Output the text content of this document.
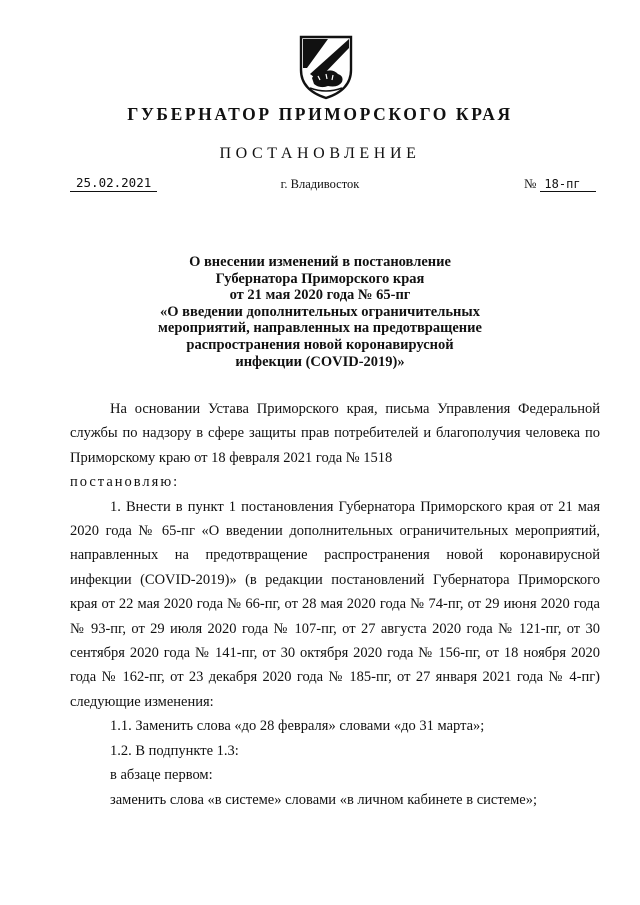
ГУБЕРНАТОР ПРИМОРСКОГО КРАЯ
ПОСТАНОВЛЕНИЕ
25.02.2021	г. Владивосток	№ 18-пг
О внесении изменений в постановление
Губернатора Приморского края
от 21 мая 2020 года № 65-пг
«О введении дополнительных ограничительных
мероприятий, направленных на предотвращение
распространения новой коронавирусной
инфекции (COVID-2019)»

На основании Устава Приморского края, письма Управления Федеральной службы по надзору в сфере защиты прав потребителей и благополучия человека по Приморскому краю от 18 февраля 2021 года № 1518

постановляю:

1. Внести в пункт 1 постановления Губернатора Приморского края от 21 мая 2020 года № 65-пг «О введении дополнительных ограничительных мероприятий, направленных на предотвращение распространения новой коронавирусной инфекции (COVID-2019)» (в редакции постановлений Губернатора Приморского края от 22 мая 2020 года № 66-пг, от 28 мая 2020 года № 74-пг, от 29 июня 2020 года № 93-пг, от 29 июля 2020 года № 107-пг, от 27 августа 2020 года № 121-пг, от 30 сентября 2020 года № 141-пг, от 30 октября 2020 года № 156-пг, от 18 ноября 2020 года № 162-пг, от 23 декабря 2020 года № 185-пг, от 27 января 2021 года № 4-пг) следующие изменения:

1.1. Заменить слова «до 28 февраля» словами «до 31 марта»;

1.2. В подпункте 1.3:

в абзаце первом:

заменить слова «в системе» словами «в личном кабинете в системе»;
